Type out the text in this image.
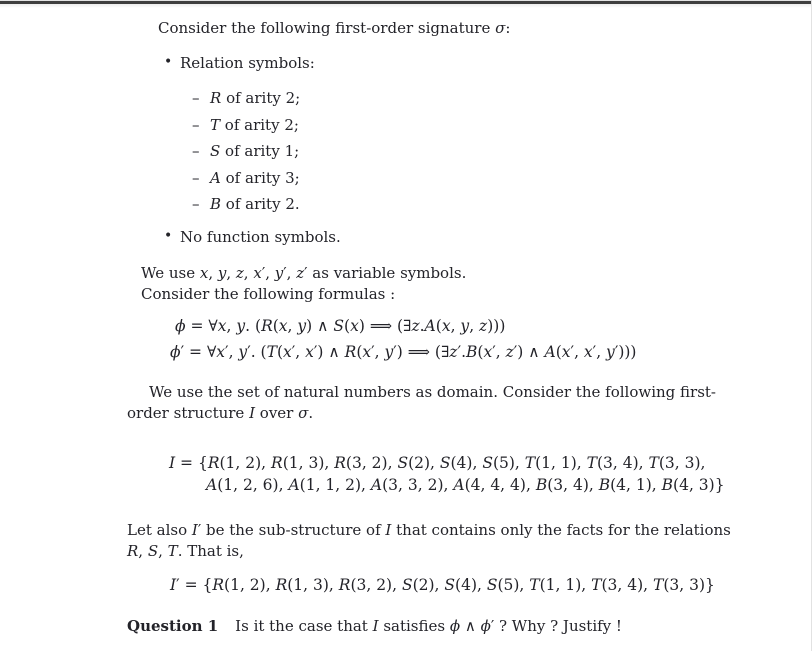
Consider the following first-order signature σ:

• Relation symbols:
– R of arity 2;
– T of arity 2;
– S of arity 1;
– A of arity 3;
– B of arity 2.
• No function symbols.
We use x, y, z, x′, y′, z′ as variable symbols.
Consider the following formulas :
ϕ = ∀x, y. (R(x, y) ∧ S(x) ⟹ (∃z.A(x, y, z)))
ϕ′ = ∀x′, y′. (T(x′, x′) ∧ R(x′, y′) ⟹ (∃z′.B(x′, z′) ∧ A(x′, x′, y′)))
We use the set of natural numbers as domain. Consider the following first-
order structure I over σ.
I = {R(1, 2), R(1, 3), R(3, 2), S(2), S(4), S(5), T(1, 1), T(3, 4), T(3, 3),
A(1, 2, 6), A(1, 1, 2), A(3, 3, 2), A(4, 4, 4), B(3, 4), B(4, 1), B(4, 3)}
Let also I′ be the sub-structure of I that contains only the facts for the relations
R, S, T. That is,
I′ = {R(1, 2), R(1, 3), R(3, 2), S(2), S(4), S(5), T(1, 1), T(3, 4), T(3, 3)}

Question 1 Is it the case that I satisfies ϕ ∧ ϕ′ ? Why ? Justify !
